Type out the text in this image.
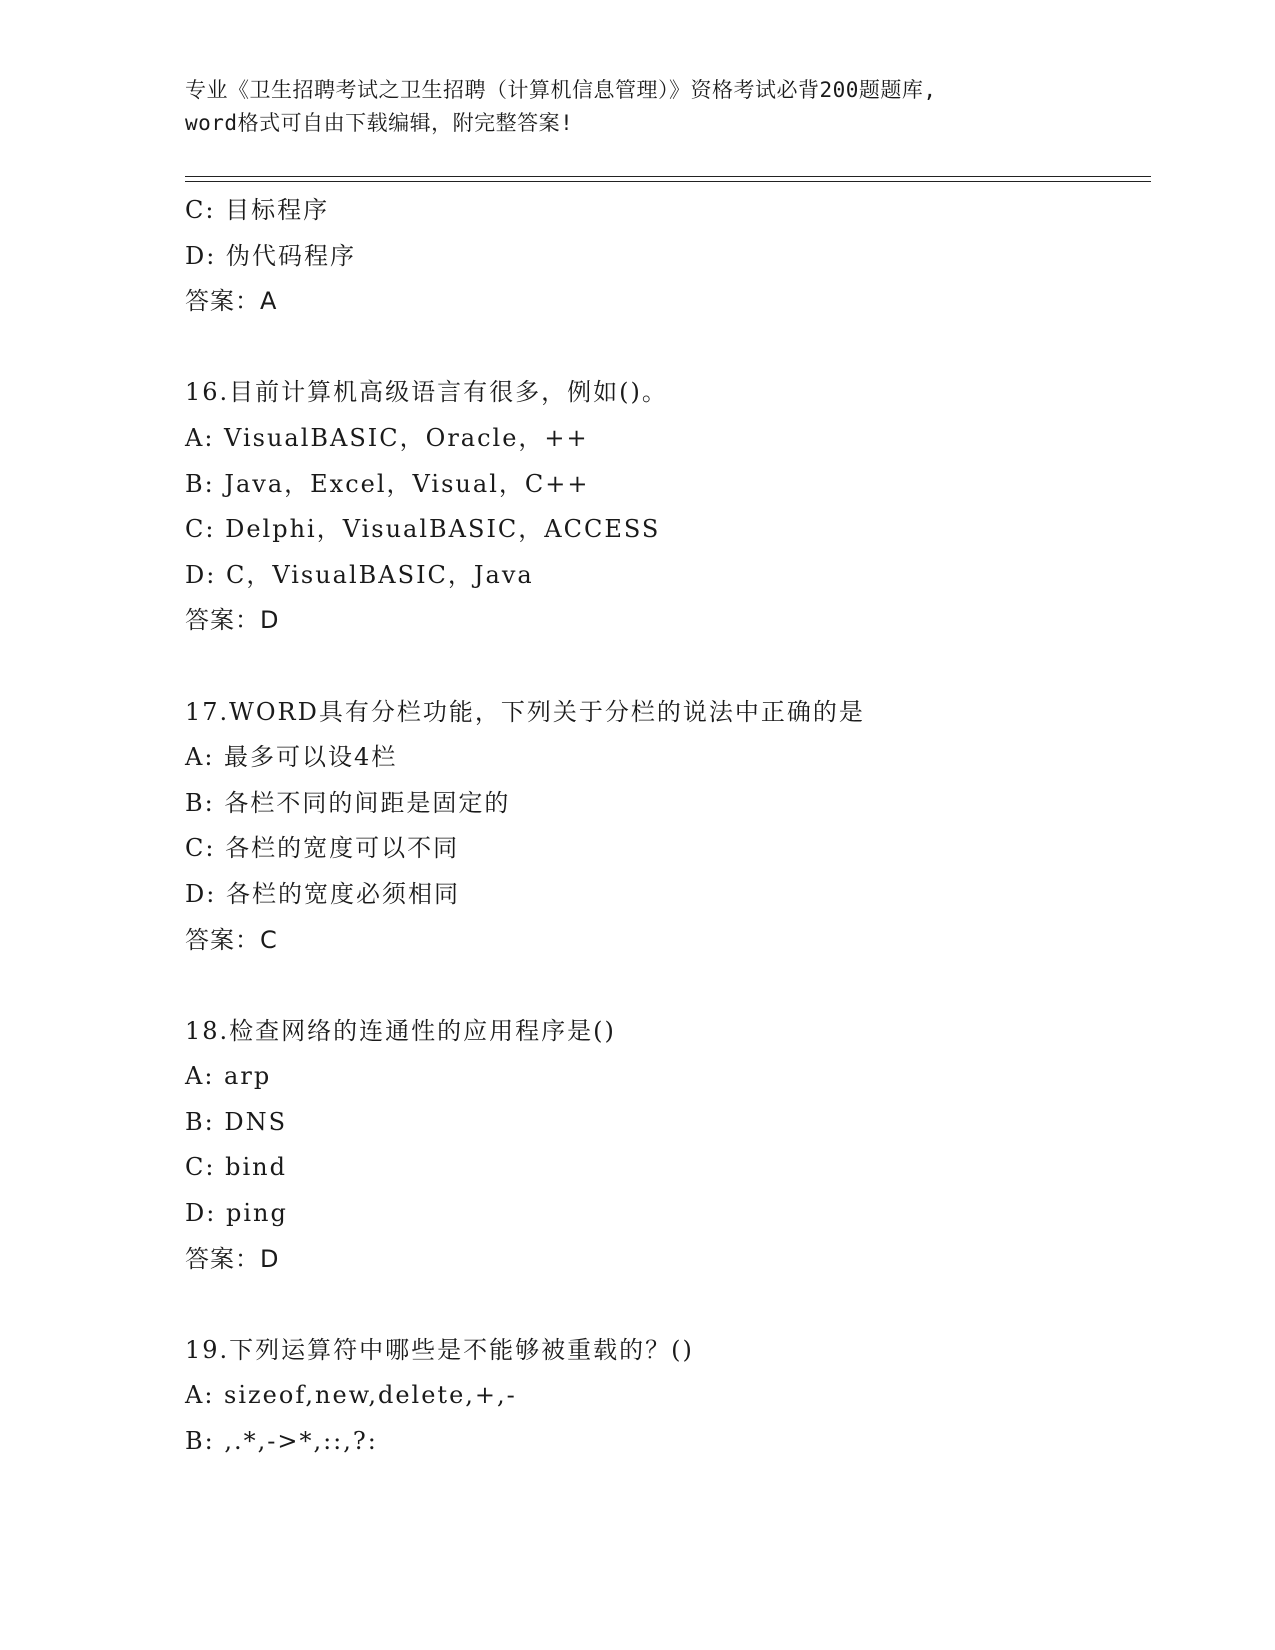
专业《卫生招聘考试之卫生招聘（计算机信息管理）》资格考试必背200题题库,
word格式可自由下载编辑，附完整答案!
C: 目标程序
D: 伪代码程序
答案：A
16.目前计算机高级语言有很多，例如()。
A: VisualBASIC，Oracle，++
B: Java，Excel，Visual，C++
C: Delphi，VisualBASIC，ACCESS
D: C，VisualBASIC，Java
答案：D
17.WORD具有分栏功能，下列关于分栏的说法中正确的是
A: 最多可以设4栏
B: 各栏不同的间距是固定的
C: 各栏的宽度可以不同
D: 各栏的宽度必须相同
答案：C
18.检查网络的连通性的应用程序是()
A: arp
B: DNS
C: bind
D: ping
答案：D
19.下列运算符中哪些是不能够被重载的？()
A: sizeof,new,delete,+,-
B: ,.*,->*,::,?:
